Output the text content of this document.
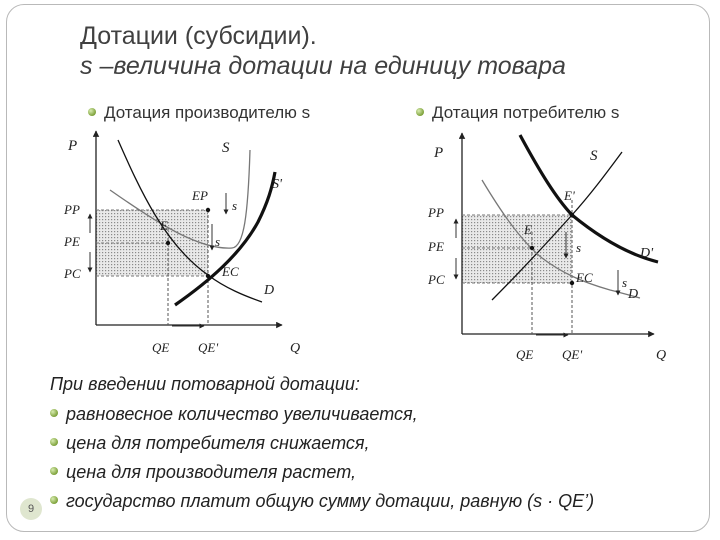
Дотации (субсидии).
s –величина дотации на единицу товара
Дотация производителю s	Дотация потребителю s
P	S
S'
EP
s
s
E
EC
D
PP
PE
PC
QE QE'	Q
P	S
E'
E
s
EC
D'
s
D
PP
PE
PC
QE QE'	Q
При введении потоварной дотации:
равновесное количество увеличивается,
цена для потребителя снижается,
цена для производителя растет,
государство платит общую сумму дотации, равную (s · QE’)
9
